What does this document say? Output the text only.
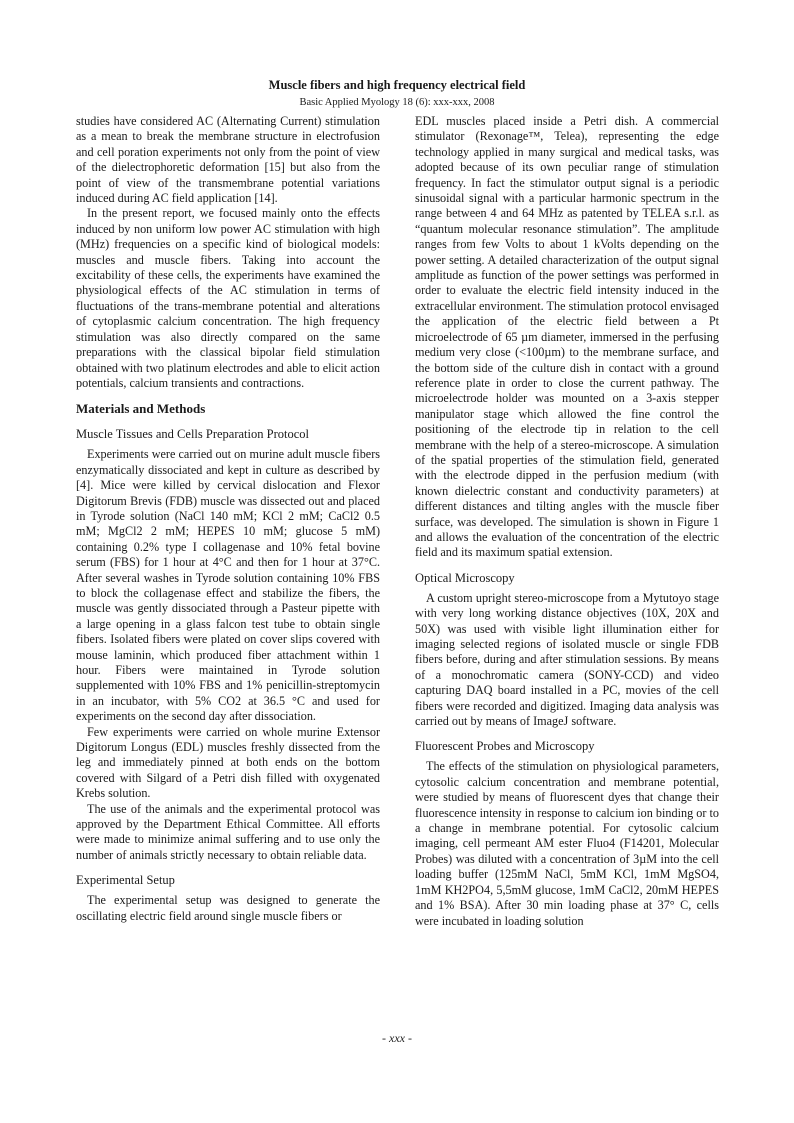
Muscle fibers and high frequency electrical field
Basic Applied Myology 18 (6): xxx-xxx, 2008

studies have considered AC (Alternating Current) stimulation as a mean to break the membrane structure in electrofusion and cell poration experiments not only from the point of view of the dielectrophoretic deformation [15] but also from the point of view of the transmembrane potential variations induced during AC field application [14].

In the present report, we focused mainly onto the effects induced by non uniform low power AC stimulation with high (MHz) frequencies on a specific kind of biological models: muscles and muscle fibers. Taking into account the excitability of these cells, the experiments have examined the physiological effects of the AC stimulation in terms of fluctuations of the trans-membrane potential and alterations of cytoplasmic calcium concentration. The high frequency stimulation was also directly compared on the same preparations with the classical bipolar field stimulation obtained with two platinum electrodes and able to elicit action potentials, calcium transients and contractions.

Materials and Methods
Muscle Tissues and Cells Preparation Protocol

Experiments were carried out on murine adult muscle fibers enzymatically dissociated and kept in culture as described by [4]. Mice were killed by cervical dislocation and Flexor Digitorum Brevis (FDB) muscle was dissected out and placed in Tyrode solution (NaCl 140 mM; KCl 2 mM; CaCl2 0.5 mM; MgCl2 2 mM; HEPES 10 mM; glucose 5 mM) containing 0.2% type I collagenase and 10% fetal bovine serum (FBS) for 1 hour at 4°C and then for 1 hour at 37°C. After several washes in Tyrode solution containing 10% FBS to block the collagenase effect and stabilize the fibers, the muscle was gently dissociated through a Pasteur pipette with a large opening in a glass falcon test tube to obtain single fibers. Isolated fibers were plated on cover slips covered with mouse laminin, which produced fiber attachment within 1 hour. Fibers were maintained in Tyrode solution supplemented with 10% FBS and 1% penicillin-streptomycin in an incubator, with 5% CO2 at 36.5 °C and used for experiments on the second day after dissociation.

Few experiments were carried on whole murine Extensor Digitorum Longus (EDL) muscles freshly dissected from the leg and immediately pinned at both ends on the bottom covered with Silgard of a Petri dish filled with oxygenated Krebs solution.

The use of the animals and the experimental protocol was approved by the Department Ethical Committee. All efforts were made to minimize animal suffering and to use only the number of animals strictly necessary to obtain reliable data.

Experimental Setup

The experimental setup was designed to generate the oscillating electric field around single muscle fibers or

EDL muscles placed inside a Petri dish. A commercial stimulator (Rexonage™, Telea), representing the edge technology applied in many surgical and medical tasks, was adopted because of its own peculiar range of stimulation frequency. In fact the stimulator output signal is a periodic sinusoidal signal with a particular harmonic spectrum in the range between 4 and 64 MHz as patented by TELEA s.r.l. as “quantum molecular resonance stimulation”. The amplitude ranges from few Volts to about 1 kVolts depending on the power setting. A detailed characterization of the output signal amplitude as function of the power settings was performed in order to evaluate the electric field intensity induced in the extracellular environment. The stimulation protocol envisaged the application of the electric field between a Pt microelectrode of 65 µm diameter, immersed in the perfusing medium very close (<100µm) to the membrane surface, and the bottom side of the culture dish in contact with a ground reference plate in order to close the current pathway. The microelectrode holder was mounted on a 3-axis stepper manipulator stage which allowed the fine control the positioning of the electrode tip in relation to the cell membrane with the help of a stereo-microscope. A simulation of the spatial properties of the stimulation field, generated with the electrode dipped in the perfusion medium (with known dielectric constant and conductivity parameters) at different distances and tilting angles with the muscle fiber surface, was developed. The simulation is shown in Figure 1 and allows the evaluation of the concentration of the electric field and its maximum spatial extension.

Optical Microscopy

A custom upright stereo-microscope from a Mytutoyo stage with very long working distance objectives (10X, 20X and 50X) was used with visible light illumination either for imaging selected regions of isolated muscle or single FDB fibers before, during and after stimulation sessions. By means of a monochromatic camera (SONY-CCD) and video capturing DAQ board installed in a PC, movies of the cell fibers were recorded and digitized. Imaging data analysis was carried out by means of ImageJ software.

Fluorescent Probes and Microscopy

The effects of the stimulation on physiological parameters, cytosolic calcium concentration and membrane potential, were studied by means of fluorescent dyes that change their fluorescence intensity in response to calcium ion binding or to a change in membrane potential. For cytosolic calcium imaging, cell permeant AM ester Fluo4 (F14201, Molecular Probes) was diluted with a concentration of 3µM into the cell loading buffer (125mM NaCl, 5mM KCl, 1mM MgSO4, 1mM KH2PO4, 5,5mM glucose, 1mM CaCl2, 20mM HEPES and 1% BSA). After 30 min loading phase at 37° C, cells were incubated in loading solution

- xxx -
